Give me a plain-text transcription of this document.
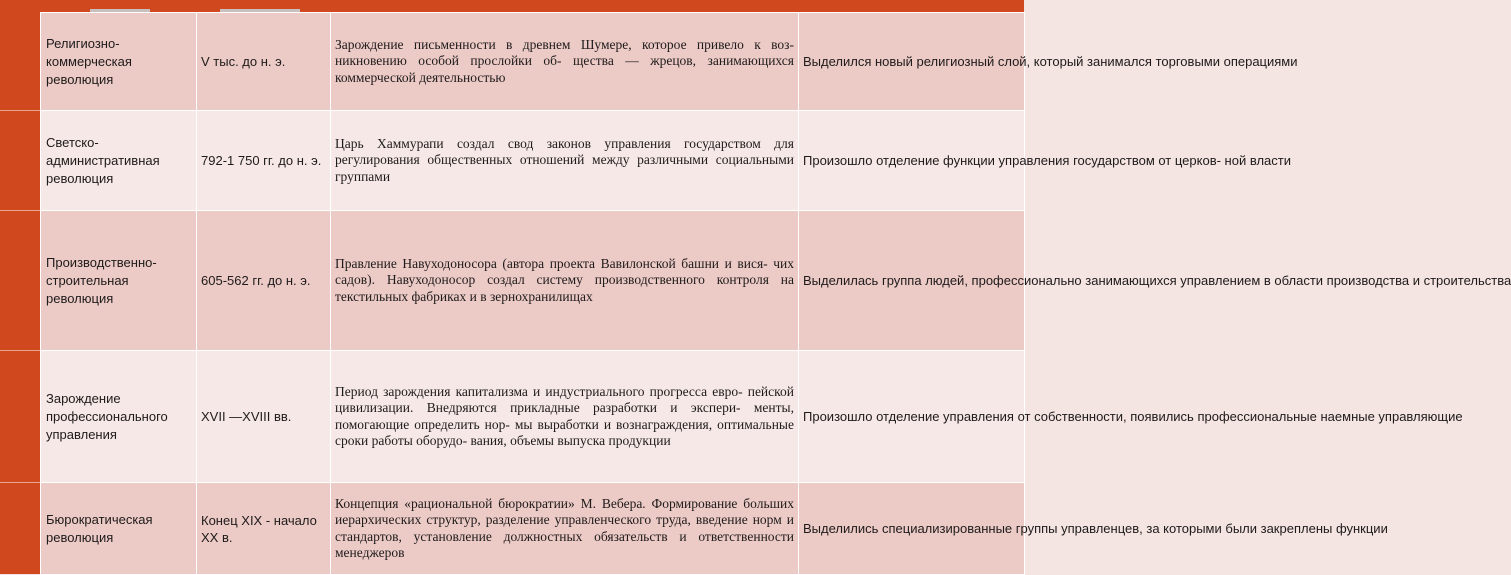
Религиозно-коммерческая революция	V тыс. до н. э.	Зарождение письменности в древнем Шумере, которое привело к воз- никновению особой прослойки об- щества — жрецов, занимающихся коммерческой деятельностью	Выделился новый религиозный слой, который занимался торговыми операциями
Светско-административная революция	792-1 750 гг. до н. э.	Царь Хаммурапи создал свод законов управления государством для регулирования общественных отношений между различными социальными группами	Произошло отделение функции управления государством от церков- ной власти
Производственно-строительная революция	605-562 гг. до н. э.	Правление Навуходоносора (автора проекта Вавилонской башни и вися- чих садов). Навуходоносор создал систему производственного контроля на текстильных фабриках и в зернохранилищах	Выделилась группа людей, профессионально занимающихся управлением в области производства и строительства
Зарождение профессионального управления	XVII —XVIII вв.	Период зарождения капитализма и индустриального прогресса евро- пейской цивилизации. Внедряются прикладные разработки и экспери- менты, помогающие определить нор- мы выработки и вознаграждения, оптимальные сроки работы оборудо- вания, объемы выпуска продукции	Произошло отделение управления от собственности, появились профессиональные наемные управляющие
Бюрократическая революция	Конец XIX - начало XX в.	Концепция «рациональной бюрократии» М. Вебера. Формирование больших иерархических структур, разделение управленческого труда, введение норм и стандартов, установление должностных обязательств и ответственности менеджеров	Выделились специализированные группы управленцев, за которыми были закреплены функции
